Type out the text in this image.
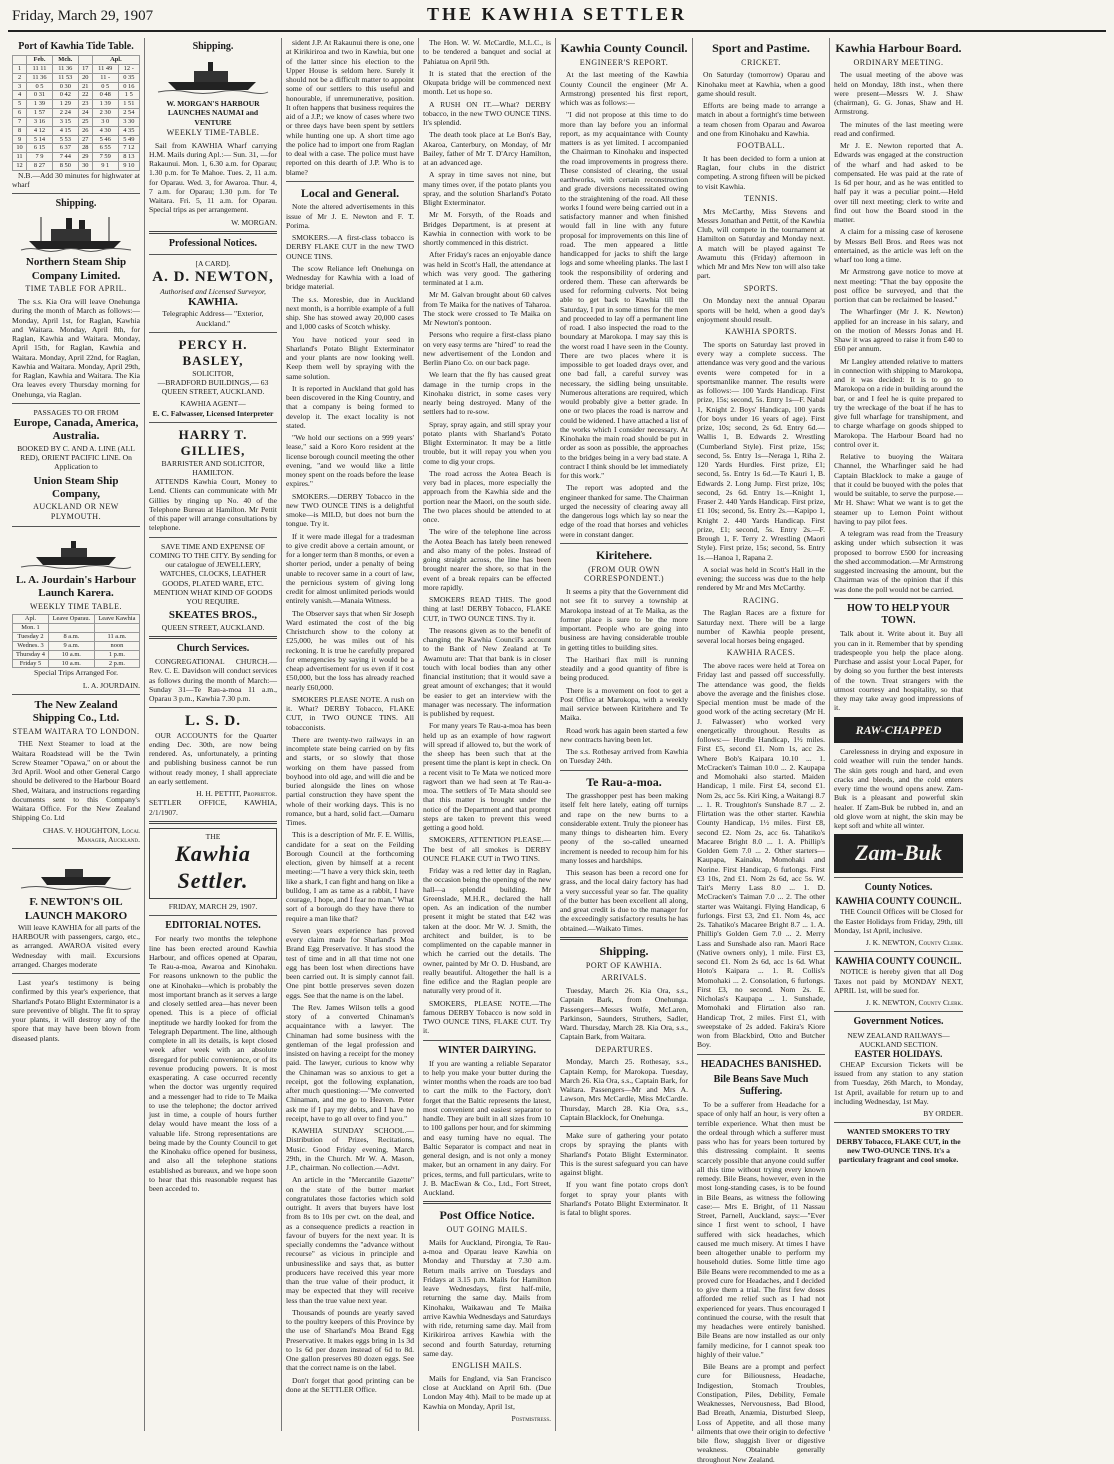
Friday, March 29, 1907	THE KAWHIA SETTLER
Port of Kawhia Tide Table.
	Feb.	Mch.		Apl.	
1	11 11	11 36	17	11 49	12 -
2	11 36	11 53	20	11 -	0 35
3	0 5	0 30	21	0 5	0 16
4	0 31	0 42	22	0 48	1 5
5	1 39	1 29	23	1 39	1 51
6	1 57	2 24	24	2 30	2 54
7	3 16	3 15	25	3 0	3 30
8	4 12	4 15	26	4 30	4 35
9	5 14	5 53	27	5 46	5 49
10	6 15	6 37	28	6 55	7 12
11	7 9	7 44	29	7 59	8 13
12	8 27	8 50	30	9 1	9 10

N.B.—Add 30 minutes for highwater at wharf

Shipping.
Northern Steam Ship Company Limited.
TIME TABLE FOR APRIL.

The s.s. Kia Ora will leave Onehunga during the month of March as follows:— Monday, April 1st, for Raglan, Kawhia and Waitara. Monday, April 8th, for Raglan, Kawhia and Waitara. Monday, April 15th, for Raglan, Kawhia and Waitara. Monday, April 22nd, for Raglan, Kawhia and Waitara. Monday, April 29th, for Raglan, Kawhia and Waitara. The Kia Ora leaves every Thursday morning for Onehunga, via Raglan.

PASSAGES TO OR FROM
Europe, Canada, America, Australia.

BOOKED BY C. AND A. LINE (ALL RED), ORIENT PACIFIC LINE. On Application to

Union Steam Ship Company,
AUCKLAND OR NEW PLYMOUTH.
L. A. Jourdain's Harbour Launch Karera.
WEEKLY TIME TABLE.
Apl.	Leave Oparau.	Leave Kawhia
Mon. 1		
Tuesday 2	8 a.m.	11 a.m.
Wednes. 3	9 a.m.	noon
Thursday 4	10 a.m.	1 p.m.
Friday 5	10 a.m.	2 p.m.

Special Trips Arranged For.

L. A. JOURDAIN.
The New Zealand Shipping Co., Ltd.
STEAM WAITARA TO LONDON.

THE Next Steamer to load at the Waitara Roadstead will be the Twin Screw Steamer "Opawa," on or about the 3rd April. Wool and other General Cargo should be delivered to the Harbour Board Shed, Waitara, and instructions regarding documents sent to this Company's Waitara Office. For the New Zealand Shipping Co. Ltd

CHAS. V. HOUGHTON, Local Manager, Auckland.
F. NEWTON'S OIL LAUNCH MAKORO

Will leave KAWHIA for all parts of the HARBOUR with passengers, cargo, etc., as arranged. AWAROA visited every Wednesday with mail. Excursions arranged. Charges moderate

Last year's testimony is being confirmed by this year's experience, that Sharland's Potato Blight Exterminator is a sure preventive of blight. The fit to spray your plants, it will destroy any of the spore that may have been blown from diseased plants.

Shipping.
W. MORGAN'S HARBOUR LAUNCHES NAUMAI and VENTURE
WEEKLY TIME-TABLE.

Sail from KAWHIA Wharf carrying H.M. Mails during Apl.:— Sun. 31, —for Rakaunui. Mon. 1, 6.30 a.m. for Oparau; 1.30 p.m. for Te Mahoe. Tues. 2, 11 a.m. for Oparau. Wed. 3, for Awaroa. Thur. 4, 7 a.m. for Oparau; 1.30 p.m. for Te Waitara. Fri. 5, 11 a.m. for Oparau. Special trips as per arrangement.

W. MORGAN.
Professional Notices.
[A CARD].
A. D. NEWTON,
Authorised and Licensed Surveyor,
KAWHIA.

Telegraphic Address— "Exterior, Auckland."

PERCY H. BASLEY,
SOLICITOR,

—BRADFORD BUILDINGS,— 63 QUEEN STREET, AUCKLAND.

KAWHIA AGENT—
E. C. Falwasser, Licensed Interpreter
HARRY T. GILLIES,
BARRISTER AND SOLICITOR, HAMILTON.

ATTENDS Kawhia Court, Money to Lend. Clients can communicate with Mr Gillies by ringing up No. 40 of the Telephone Bureau at Hamilton. Mr Pettit of this paper will arrange consultations by telephone.

SAVE TIME AND EXPENSE OF COMING TO THE CITY. By sending for our catalogue of JEWELLERY, WATCHES, CLOCKS, LEATHER GOODS, PLATED WARE, ETC. MENTION WHAT KIND OF GOODS YOU REQUIRE.

SKEATES BROS.,
QUEEN STREET, AUCKLAND.
Church Services.

CONGREGATIONAL CHURCH.—Rev. C. E. Davidson will conduct services as follows during the month of March:— Sunday 31—Te Rau-a-moa 11 a.m., Oparau 3 p.m., Kawhia 7.30 p.m.

L. S. D.

OUR ACCOUNTS for the Quarter ending Dec. 30th, are now being rendered. As, unfortunately, a printing and publishing business cannot be run without ready money, I shall appreciate an early settlement.

H. H. PETTIT, Proprietor.
SETTLER OFFICE, KAWHIA, 2/1/1907.
THE
Kawhia Settler.
FRIDAY, MARCH 29, 1907.
EDITORIAL NOTES.

For nearly two months the telephone line has been erected around Kawhia Harbour, and offices opened at Oparau, Te Rau-a-moa, Awaroa and Kinohaku. For reasons unknown to the public the one at Kinohaku—which is probably the most important branch as it serves a large and closely settled area—has never been opened. This is a piece of official ineptitude we hardly looked for from the Telegraph Department. The line, although complete in all its details, is kept closed week after week with an absolute disregard for public convenience, or of its revenue producing powers. It is most exasperating. A case occurred recently when the doctor was urgently required and a messenger had to ride to Te Maika to use the telephone; the doctor arrived just in time, a couple of hours further delay would have meant the loss of a valuable life. Strong representations are being made by the County Council to get the Kinohaku office opened for business, and also all the telephone stations established as bureaux, and we hope soon to hear that this reasonable request has been acceded to.

sident J.P. At Rakaunui there is one, one at Kirikiriroa and two in Kawhia, but one of the latter since his election to the Upper House is seldom here. Surely it should not be a difficult matter to appoint some of our settlers to this useful and honourable, if unremunerative, position. It often happens that business requires the aid of a J.P.; we know of cases where two or three days have been spent by settlers while hunting one up. A short time ago the police had to import one from Raglan to deal with a case. The police must have reported on this dearth of J.P. Who is to blame?

Local and General.

Note the altered advertisements in this issue of Mr J. E. Newton and F. T. Porima.

SMOKERS.—A first-class tobacco is DERBY FLAKE CUT in the new TWO OUNCE TINS.

The scow Reliance left Onehunga on Wednesday for Kawhia with a load of bridge material.

The s.s. Moresbie, due in Auckland next month, is a horrible example of a full ship. She has stowed away 20,000 cases and 1,000 casks of Scotch whisky.

You have noticed your seed in Sharland's Potato Blight Exterminator and your plants are now looking well. Keep them well by spraying with the same solution.

It is reported in Auckland that gold has been discovered in the King Country, and that a company is being formed to develop it. The exact locality is not stated.

"We hold our sections on a 999 years' lease," said a Koro Koro resident at the license borough council meeting the other evening, "and we would like a little money spent on the roads before the lease expires."

SMOKERS.—DERBY Tobacco in the new TWO OUNCE TINS is a delightful smoke—is MILD, but does not burn the tongue. Try it.

If it were made illegal for a tradesman to give credit above a certain amount, or for a longer term than 8 months, or even a shorter period, under a penalty of being unable to recover same in a court of law, the pernicious system of giving long credit for almost unlimited periods would entirely vanish.—Manaia Witness.

The Observer says that when Sir Joseph Ward estimated the cost of the big Christchurch show to the colony at £25,000, he was miles out of his reckoning. It is true he carefully prepared for emergencies by saying it would be a cheap advertisement for us even if it cost £50,000, but the loss has already reached nearly £60,000.

SMOKERS PLEASE NOTE. A rush on it. What? DERBY Tobacco, FLAKE CUT, in TWO OUNCE TINS. All tobacconists.

There are twenty-two railways in an incomplete state being carried on by fits and starts, or so slowly that those working on them have passed from boyhood into old age, and will die and be buried alongside the lines on whose partial construction they have spent the whole of their working days. This is no romance, but a hard, solid fact.—Oamaru Times.

This is a description of Mr. F. E. Willis, candidate for a seat on the Feilding Borough Council at the forthcoming election, given by himself at a recent meeting:—"I have a very thick skin, teeth like a shark, I can fight and hang on like a bulldog, I am as tame as a rabbit, I have courage, I hope, and I fear no man." What sort of a borough do they have there to require a man like that?

Seven years experience has proved every claim made for Sharland's Moa Brand Egg Preservative. It has stood the test of time and in all that time not one egg has been lost when directions have been carried out. It is simply cannot fail. One pint bottle preserves seven dozen eggs. See that the name is on the label.

The Rev. James Wilson tells a good story of a converted Chinaman's acquaintance with a lawyer. The Chinaman had some business with the gentleman of the legal profession and insisted on having a receipt for the money paid. The lawyer, curious to know why the Chinaman was so anxious to get a receipt, got the following explanation, after much questioning:—"Me converted Chinaman, and me go to Heaven. Peter ask me if I pay my debts, and I have no receipt, have to go all over to find you."

KAWHIA SUNDAY SCHOOL.—Distribution of Prizes, Recitations, Music. Good Friday evening, March 29th, in the Church. Mr W. A. Mason, J.P., chairman. No collection.—Advt.

An article in the "Mercantile Gazette" on the state of the butter market congratulates those factories which sold outright. It avers that buyers have lost from 8s to 10s per cwt. on the deal, and as a consequence predicts a reaction in favour of buyers for the next year. It is specially condemns the "advance without recourse" as vicious in principle and unbusinesslike and says that, as butter producers have received this year more than the true value of their product, it may be expected that they will receive less than the true value next year.

Thousands of pounds are yearly saved to the poultry keepers of this Province by the use of Sharland's Moa Brand Egg Preservative. It makes eggs bring in 1s 3d to 1s 6d per dozen instead of 6d to 8d. One gallon preserves 80 dozen eggs. See that the correct name is on the label.

Don't forget that good printing can be done at the SETTLER Office.

The Hon. W. W. McCardle, M.L.C., is to be tendered a banquet and social at Pahiatua on April 9th.

It is stated that the erection of the Okupata bridge will be commenced next month. Let us hope so.

A RUSH ON IT.—What? DERBY tobacco, in the new TWO OUNCE TINS. It's splendid.

The death took place at Le Bon's Bay, Akaroa, Canterbury, on Monday, of Mr Bailey, father of Mr T. D'Arcy Hamilton, at an advanced age.

A spray in time saves not nine, but many times over, if the potato plants you spray, and the solution Sharland's Potato Blight Exterminator.

Mr M. Forsyth, of the Roads and Bridges Department, is at present at Kawhia in connection with work to be shortly commenced in this district.

After Friday's races an enjoyable dance was held in Scott's Hall, the attendance at which was very good. The gathering terminated at 1 a.m.

Mr M. Galvan brought about 60 calves from Te Maika for the natives of Taharoa. The stock were crossed to Te Maika on Mr Newton's pontoon.

Persons who require a first-class piano on very easy terms are "hired" to read the new advertisement of the London and Berlin Piano Co. on our back page.

We learn that the fly has caused great damage in the turnip crops in the Kinohaku district, in some cases very nearly being destroyed. Many of the settlers had to re-sow.

Spray, spray again, and still spray your potato plants with Sharland's Potato Blight Exterminator. It may be a little trouble, but it will repay you when you come to dig your crops.

The road across the Aotea Beach is very bad in places, more especially the approach from the Kawhia side and the portion near the Maori, on the south side. The two places should be attended to at once.

The wire of the telephone line across the Aotea Beach has lately been renewed and also many of the poles. Instead of going straight across, the line has been brought nearer the shore, so that in the event of a break repairs can be effected more rapidly.

SMOKERS READ THIS. The good thing at last! DERBY Tobacco, FLAKE CUT, in TWO OUNCE TINS. Try it.

The reasons given as to the benefit of changing the Kawhia Council's account to the Bank of New Zealand at Te Awamutu are: That that bank is in closer touch with local bodies than any other financial institution; that it would save a great amount of exchanges; that it would be easier to get an interview with the manager was necessary. The information is published by request.

For many years Te Rau-a-moa has been held up as an example of how ragwort will spread if allowed to, but the work of the sheep has been such that at the present time the plant is kept in check. On a recent visit to Te Mata we noticed more ragwort than we had seen at Te Rau-a-moa. The settlers of Te Mata should see that this matter is brought under the notice of the Department and that prompt steps are taken to prevent this weed getting a good hold.

SMOKERS, ATTENTION PLEASE.—The best of all smokes is DERBY OUNCE FLAKE CUT in TWO TINS.

Friday was a red letter day in Raglan, the occasion being the opening of the new hall—a splendid building. Mr Greenslade, M.H.R., declared the hall open. As an indication of the number present it might be stated that £42 was taken at the door. Mr W. J. Smith, the architect and builder, is to be complimented on the capable manner in which he carried out the details. The owner, painted by Mr O. D. Husband, are really beautiful. Altogether the hall is a fine edifice and the Raglan people are naturally very proud of it.

SMOKERS, PLEASE NOTE.—The famous DERBY Tobacco is now sold in TWO OUNCE TINS, FLAKE CUT. Try it.

WINTER DAIRYING.

If you are wanting a reliable Separator to help you make your butter during the winter months when the roads are too bad to cart the milk to the Factory, don't forget that the Baltic represents the latest, most convenient and easiest separator to handle. They are built in all sizes from 10 to 100 gallons per hour, and for skimming and easy turning have no equal. The Baltic Separator is compact and neat in general design, and is not only a money maker, but an ornament in any dairy. For prices, terms, and full particulars, write to J. B. MacEwan & Co., Ltd., Fort Street, Auckland.

Post Office Notice.
OUT GOING MAILS.

Mails for Auckland, Pirongia, Te Rau-a-moa and Oparau leave Kawhia on Monday and Thursday at 7.30 a.m. Return mails arrive on Tuesdays and Fridays at 3.15 p.m. Mails for Hamilton leave Wednesdays, first half-mile, returning the same day. Mails from Kinohaku, Waikawau and Te Maika arrive Kawhia Wednesdays and Saturdays with ride, returning same day. Mail from Kirikiriroa arrives Kawhia with the second and fourth Saturday, returning same day.

ENGLISH MAILS.

Mails for England, via San Francisco close at Auckland on April 6th. (Due London May 4th). Mail to be made up at Kawhia on Monday, April 1st,

Postmistress.
Kawhia County Council.
ENGINEER'S REPORT.

At the last meeting of the Kawhia County Council the engineer (Mr A. Armstrong) presented his first report, which was as follows:—

"I did not propose at this time to do more than lay before you an informal report, as my acquaintance with County matters is as yet limited. I accompanied the Chairman to Kinohaku and inspected the road improvements in progress there. These consisted of clearing, the usual earthworks, with certain reconstruction and grade diversions necessitated owing to the straightening of the road. All these works I found were being carried out in a satisfactory manner and when finished would fall in line with any future proposal for improvements on this line of road. The men appeared a little handicapped for jacks to shift the large logs and some wheeling planks. The last I took the responsibility of ordering and ordered them. These can afterwards be used for reforming culverts. Not being able to get back to Kawhia till the Saturday, I put in some times for the men and proceeded to lay off a permanent line of road. I also inspected the road to the boundary at Marokopa. I may say this is the worst road I have seen in the County. There are two places where it is impossible to get loaded drays over, and one bad fall, a careful survey was necessary, the sidling being unsuitable. Numerous alterations are required, which would probably give a better grade. In one or two places the road is narrow and could be widened. I have attached a list of the works which I consider necessary. At Kinohaku the main road should be put in order as soon as possible, the approaches to the bridges being in a very bad state. A contract I think should be let immediately for this work."

The report was adopted and the engineer thanked for same. The Chairman urged the necessity of clearing away all the dangerous logs which lay so near the edge of the road that horses and vehicles were in constant danger.

Kiritehere.
(FROM OUR OWN CORRESPONDENT.)

It seems a pity that the Government did not see fit to survey a township at Marokopa instead of at Te Maika, as the former place is sure to be the more important. People who are going into business are having considerable trouble in getting titles to building sites.

The Harihari flax mill is running steadily and a good quantity of fibre is being produced.

There is a movement on foot to get a Post Office at Marokopa, with a weekly mail service between Kiritehere and Te Maika.

Road work has again been started a few new contracts having been let.

The s.s. Rothesay arrived from Kawhia on Tuesday 24th.

Te Rau-a-moa.

The grasshopper pest has been making itself felt here lately, eating off turnips and rape on the new burns to a considerable extent. Truly the pioneer has many things to dishearten him. Every peony of the so-called unearned increment is needed to recoup him for his many losses and hardships.

This season has been a record one for grass, and the local dairy factory has had a very successful year so far. The quality of the butter has been excellent all along, and great credit is due to the manager for the exceedingly satisfactory results he has obtained.—Waikato Times.

Shipping.
PORT OF KAWHIA.
ARRIVALS.

Tuesday, March 26. Kia Ora, s.s., Captain Bark, from Onehunga. Passengers—Messrs Wolfe, McLaren, Parkinson, Saunders, Struthers, Sadler, Ward. Thursday, March 28. Kia Ora, s.s., Captain Bark, from Waitara.

DEPARTURES.

Monday, March 25. Rothesay, s.s., Captain Kemp, for Marokopa. Tuesday, March 26. Kia Ora, s.s., Captain Bark, for Waitara. Passengers—Mr and Mrs A. Lawson, Mrs McCardle, Miss McCardle. Thursday, March 28. Kia Ora, s.s., Captain Blacklock, for Onehunga.

Make sure of gathering your potato crops by spraying the plants with Sharland's Potato Blight Exterminator. This is the surest safeguard you can have against blight.

If you want fine potato crops don't forget to spray your plants with Sharland's Potato Blight Exterminator. It is fatal to blight spores.

Sport and Pastime.
CRICKET.

On Saturday (tomorrow) Oparau and Kinohaku meet at Kawhia, when a good game should result.

Efforts are being made to arrange a match in about a fortnight's time between a team chosen from Oparau and Awaroa and one from Kinohaku and Kawhia.

FOOTBALL.

It has been decided to form a union at Raglan, four clubs in the district competing. A strong fifteen will be picked to visit Kawhia.

TENNIS.

Mrs McCarthy, Miss Stevens and Messrs Jonathan and Pettit, of the Kawhia Club, will compete in the tournament at Hamilton on Saturday and Monday next. A match will be played against Te Awamutu this (Friday) afternoon in which Mr and Mrs New ton will also take part.

SPORTS.

On Monday next the annual Oparau sports will be held, when a good day's enjoyment should result.

KAWHIA SPORTS.

The sports on Saturday last proved in every way a complete success. The attendance was very good and the various events were competed for in a sportsmanlike manner. The results were as follows:— 100 Yards Handicap. First prize, 15s; second, 5s. Entry 1s—F. Nabal 1, Knight 2. Boys' Handicap, 100 yards (for boys under 16 years of age). First prize, 10s; second, 2s 6d. Entry 6d.—Wallis 1, B. Edwards 2. Wrestling (Cumberland Style). First prize, 15s; second, 5s. Entry 1s—Neraga 1, Riha 2. 120 Yards Hurdles. First prize, £1; second, 5s. Entry 1s 6d.—Te Kauri 1, B. Edwards 2. Long Jump. First prize, 10s; second, 2s 6d. Entry 1s.—Knight 1, Fraser 2. 440 Yards Handicap. First prize, £1 10s; second, 5s. Entry 2s.—Kapipo 1, Knight 2. 440 Yards Handicap. First prize, £1; second, 5s. Entry 2s.—F. Brough 1, F. Terry 2. Wrestling (Maori Style). First prize, 15s; second, 5s. Entry 1s.—Hanoa 1, Rapana 2.

A social was held in Scott's Hall in the evening; the success was due to the help rendered by Mr and Mrs McCarthy.

RACING.

The Raglan Races are a fixture for Saturday next. There will be a large number of Kawhia people present, several local horses being engaged.

KAWHIA RACES.

The above races were held at Torea on Friday last and passed off successfully. The attendance was good, the fields above the average and the finishes close. Special mention must be made of the good work of the acting secretary (Mr H. J. Falwasser) who worked very energetically throughout. Results as follows:— Hurdle Handicap, 1½ miles. First £5, second £1. Nom 1s, acc 2s. Where Bob's Kaipara 10.10 ... 1. McCracken's Taiman 10.0 ... 2. Kaupapa and Momohaki also started. Maiden Handicap, 1 mile. First £4, second £1. Nom 2s, acc 5s. Kiri King, a Waitangi 8.7 ... 1. R. Troughton's Sunshade 8.7 ... 2. Flirtation was the other starter. Kawhia County Handicap, 1½ miles. First £8, second £2. Nom 2s, acc 6s. Tahatiko's Macaree Bright 8.0 ... 1. A. Phillip's Golden Gem 7.0 ... 2. Other starters—Kaupapa, Kainaku, Momohaki and Norine. First Handicap, 6 furlongs. First £3 10s, 2nd £1. Nom 2s 6d, acc 5s. W. Tait's Merry Lass 8.0 ... 1. D. McCracken's Taiman 7.0 ... 2. The other starter was Waitangi. Flying Handicap, 6 furlongs. First £3, 2nd £1. Nom 4s, acc 2s. Tahatiko's Macaree Bright 8.7 ... 1. A. Phillip's Golden Gem 7.0 ... 2. Merry Lass and Sunshade also ran. Maori Race (Native owners only), 1 mile. First £3, second £1. Nom 2s 6d, acc 1s 6d. What Hoto's Kaipara ... 1. R. Collis's Momohaki ... 2. Consolation, 6 furlongs. First £3, no second. Nom 2s. E. Nicholas's Kaupapa ... 1. Sunshade, Momohaki and Flirtation also ran. Handicap Trot, 2 miles. First £1, with sweepstake of 2s added. Fakira's Kiore won from Blackbird, Otto and Butcher Boy.

HEADACHES BANISHED.
Bile Beans Save Much Suffering.

To be a sufferer from Headache for a space of only half an hour, is very often a terrible experience. What then must be the ordeal through which a sufferer must pass who has for years been tortured by this distressing complaint. It seems scarcely possible that anyone could suffer all this time without trying every known remedy. Bile Beans, however, even in the most long-standing cases, is to be found in Bile Beans, as witness the following case:— Mrs E. Bright, of 11 Nassau Street, Parnell, Auckland, says:—"Ever since I first went to school, I have suffered with sick headaches, which caused me much misery. At times I have been altogether unable to perform my household duties. Some little time ago Bile Beans were recommended to me as a proved cure for Headaches, and I decided to give them a trial. The first few doses afforded me relief such as I had not experienced for years. Thus encouraged I continued the course, with the result that my headaches were entirely banished. Bile Beans are now installed as our only family medicine, for I cannot speak too highly of their value."

Bile Beans are a prompt and perfect cure for Biliousness, Headache, Indigestion, Stomach Troubles, Constipation, Piles, Debility, Female Weaknesses, Nervousness, Bad Blood, Bad Breath, Anæmia, Disturbed Sleep, Loss of Appetite, and all those many ailments that owe their origin to defective bile flow, sluggish liver or digestive weakness. Obtainable generally throughout New Zealand.

Kawhia Harbour Board.
ORDINARY MEETING.

The usual meeting of the above was held on Monday, 18th inst., when there were present—Messrs W. J. Shaw (chairman), G. G. Jonas, Shaw and H. Armstrong.

The minutes of the last meeting were read and confirmed.

Mr J. E. Newton reported that A. Edwards was engaged at the construction of the wharf and had asked to be compensated. He was paid at the rate of 1s 6d per hour, and as he was entitled to half pay it was a peculiar point.—Held over till next meeting; clerk to write and find out how the Board stood in the matter.

A claim for a missing case of kerosene by Messrs Bell Bros. and Rees was not entertained, as the article was left on the wharf too long a time.

Mr Armstrong gave notice to move at next meeting: "That the bay opposite the post office be surveyed, and that the portion that can be reclaimed be leased."

The Wharfinger (Mr J. K. Newton) applied for an increase in his salary, and on the motion of Messrs Jonas and H. Shaw it was agreed to raise it from £40 to £60 per annum.

Mr Langley attended relative to matters in connection with shipping to Marokopa, and it was decided: It is to go to Marokopa on a ride in building around the bar, or and I feel he is quite prepared to try the wreckage of the boat if he has to give full wharfage for transhipment, and to charge wharfage on goods shipped to Marokopa. The Harbour Board had no control over it.

Relative to buoying the Waitara Channel, the Wharfinger said he had Captain Blacklock to make a gauge of that it could be buoyed with the poles that would be suitable, to serve the purpose.—Mr H. Shaw: What we want is to get the steamer up to Lemon Point without having to pay pilot fees.

A telegram was read from the Treasury asking under which subsection it was proposed to borrow £500 for increasing the shed accommodation.—Mr Armstrong suggested increasing the amount, but the Chairman was of the opinion that if this was done the poll would not be carried.

HOW TO HELP YOUR TOWN.

Talk about it. Write about it. Buy all you can in it. Remember that by spending tradespeople you help the place along. Purchase and assist your Local Paper, for by doing so you further the best interests of the town. Treat strangers with the utmost courtesy and hospitality, so that they may take away good impressions of it.

RAW-CHAPPED

Carelessness in drying and exposure in cold weather will ruin the tender hands. The skin gets rough and hard, and even cracks and bleeds, and the cold enters every time the wound opens anew. Zam-Buk is a pleasant and powerful skin healer. If Zam-Buk be rubbed in, and an old glove worn at night, the skin may be kept soft and white all winter.

Zam-Buk
County Notices.
KAWHIA COUNTY COUNCIL.

THE Council Offices will be Closed for the Easter Holidays from Friday, 29th, till Monday, 1st April, inclusive.

J. K. NEWTON, County Clerk.
KAWHIA COUNTY COUNCIL.

NOTICE is hereby given that all Dog Taxes not paid by MONDAY NEXT, APRIL 1st, will be sued for.

J. K. NEWTON, County Clerk.
Government Notices.
NEW ZEALAND RAILWAYS—AUCKLAND SECTION.
EASTER HOLIDAYS.

CHEAP Excursion Tickets will be issued from any station to any station from Tuesday, 26th March, to Monday, 1st April, available for return up to and including Wednesday, 1st May.

BY ORDER.

WANTED SMOKERS TO TRY DERBY Tobacco, FLAKE CUT, in the new TWO-OUNCE TINS. It's a particulary fragrant and cool smoke.
